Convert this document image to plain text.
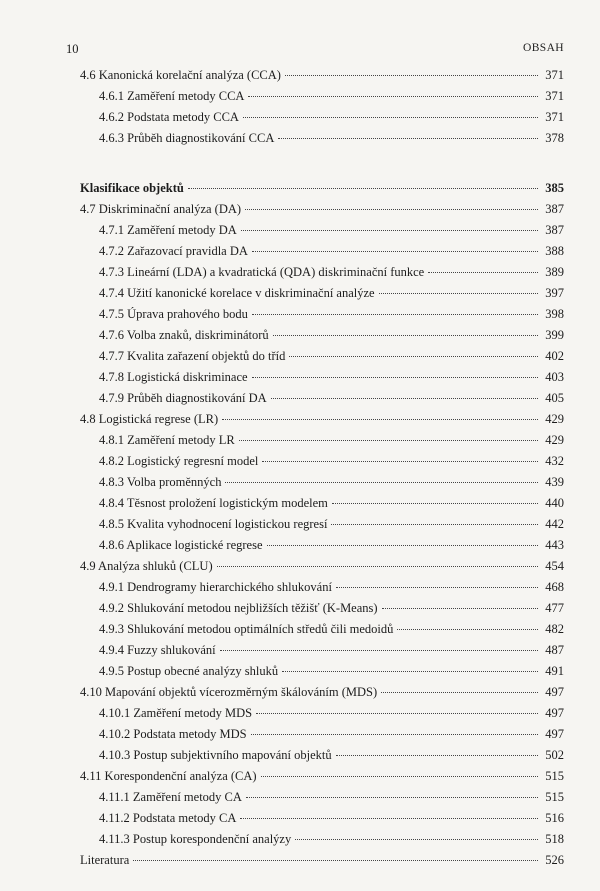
10	OBSAH
4.6 Kanonická korelační analýza (CCA)	371
4.6.1 Zaměření metody CCA	371
4.6.2 Podstata metody CCA	371
4.6.3 Průběh diagnostikování CCA	378
Klasifikace objektů	385
4.7 Diskriminační analýza (DA)	387
4.7.1 Zaměření metody DA	387
4.7.2 Zařazovací pravidla DA	388
4.7.3 Lineární (LDA) a kvadratická (QDA) diskriminační funkce	389
4.7.4 Užití kanonické korelace v diskriminační analýze	397
4.7.5 Úprava prahového bodu	398
4.7.6 Volba znaků, diskriminátorů	399
4.7.7 Kvalita zařazení objektů do tříd	402
4.7.8 Logistická diskriminace	403
4.7.9 Průběh diagnostikování DA	405
4.8 Logistická regrese (LR)	429
4.8.1 Zaměření metody LR	429
4.8.2 Logistický regresní model	432
4.8.3 Volba proměnných	439
4.8.4 Těsnost proložení logistickým modelem	440
4.8.5 Kvalita vyhodnocení logistickou regresí	442
4.8.6 Aplikace logistické regrese	443
4.9 Analýza shluků (CLU)	454
4.9.1 Dendrogramy hierarchického shlukování	468
4.9.2 Shlukování metodou nejbližších těžišť (K-Means)	477
4.9.3 Shlukování metodou optimálních středů čili medoidů	482
4.9.4 Fuzzy shlukování	487
4.9.5 Postup obecné analýzy shluků	491
4.10 Mapování objektů vícerozměrným škálováním (MDS)	497
4.10.1 Zaměření metody MDS	497
4.10.2 Podstata metody MDS	497
4.10.3 Postup subjektivního mapování objektů	502
4.11 Korespondenční analýza (CA)	515
4.11.1 Zaměření metody CA	515
4.11.2 Podstata metody CA	516
4.11.3 Postup korespondenční analýzy	518
Literatura	526
